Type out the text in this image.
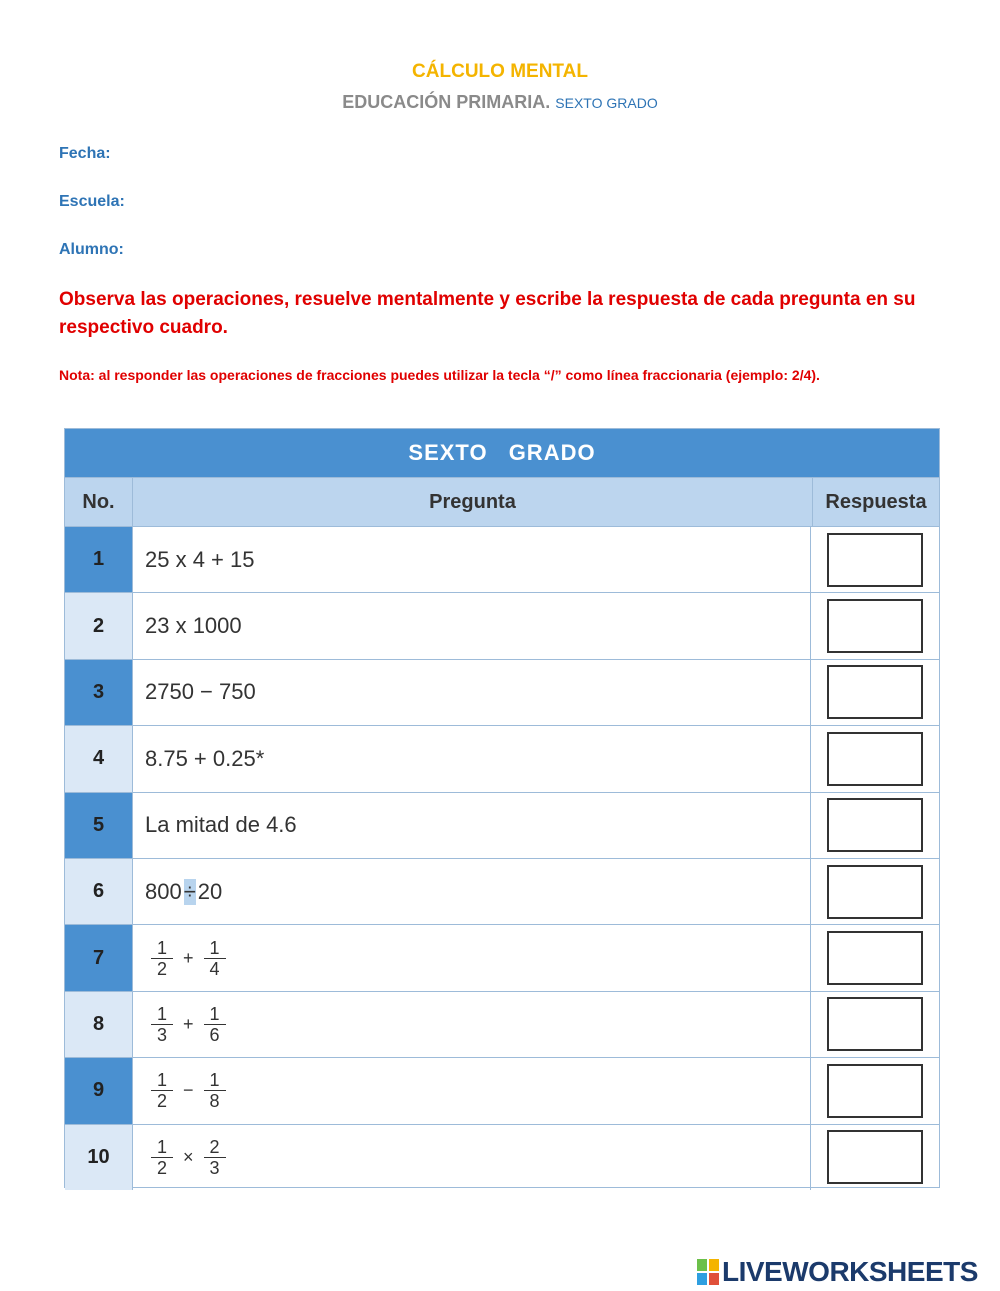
CÁLCULO MENTAL
EDUCACIÓN PRIMARIA. SEXTO GRADO
Fecha:
Escuela:
Alumno:
Observa las operaciones, resuelve mentalmente y escribe la respuesta de cada pregunta en su respectivo cuadro.
Nota: al responder las operaciones de fracciones puedes utilizar la tecla “/” como línea fraccionaria (ejemplo: 2/4).
SEXTO GRADO
No.	Pregunta	Respuesta
1	25 x 4 + 15
2	23 x 1000
3	2750 − 750
4	8.75 + 0.25*
5	La mitad de 4.6
6	800 ÷ 20
7	$\frac{1}{2} + \frac{1}{4}$
8	$\frac{1}{3} + \frac{1}{6}$
9	$\frac{1}{2} - \frac{1}{8}$
10	$\frac{1}{2} \times \frac{2}{3}$
LIVEWORKSHEETS
